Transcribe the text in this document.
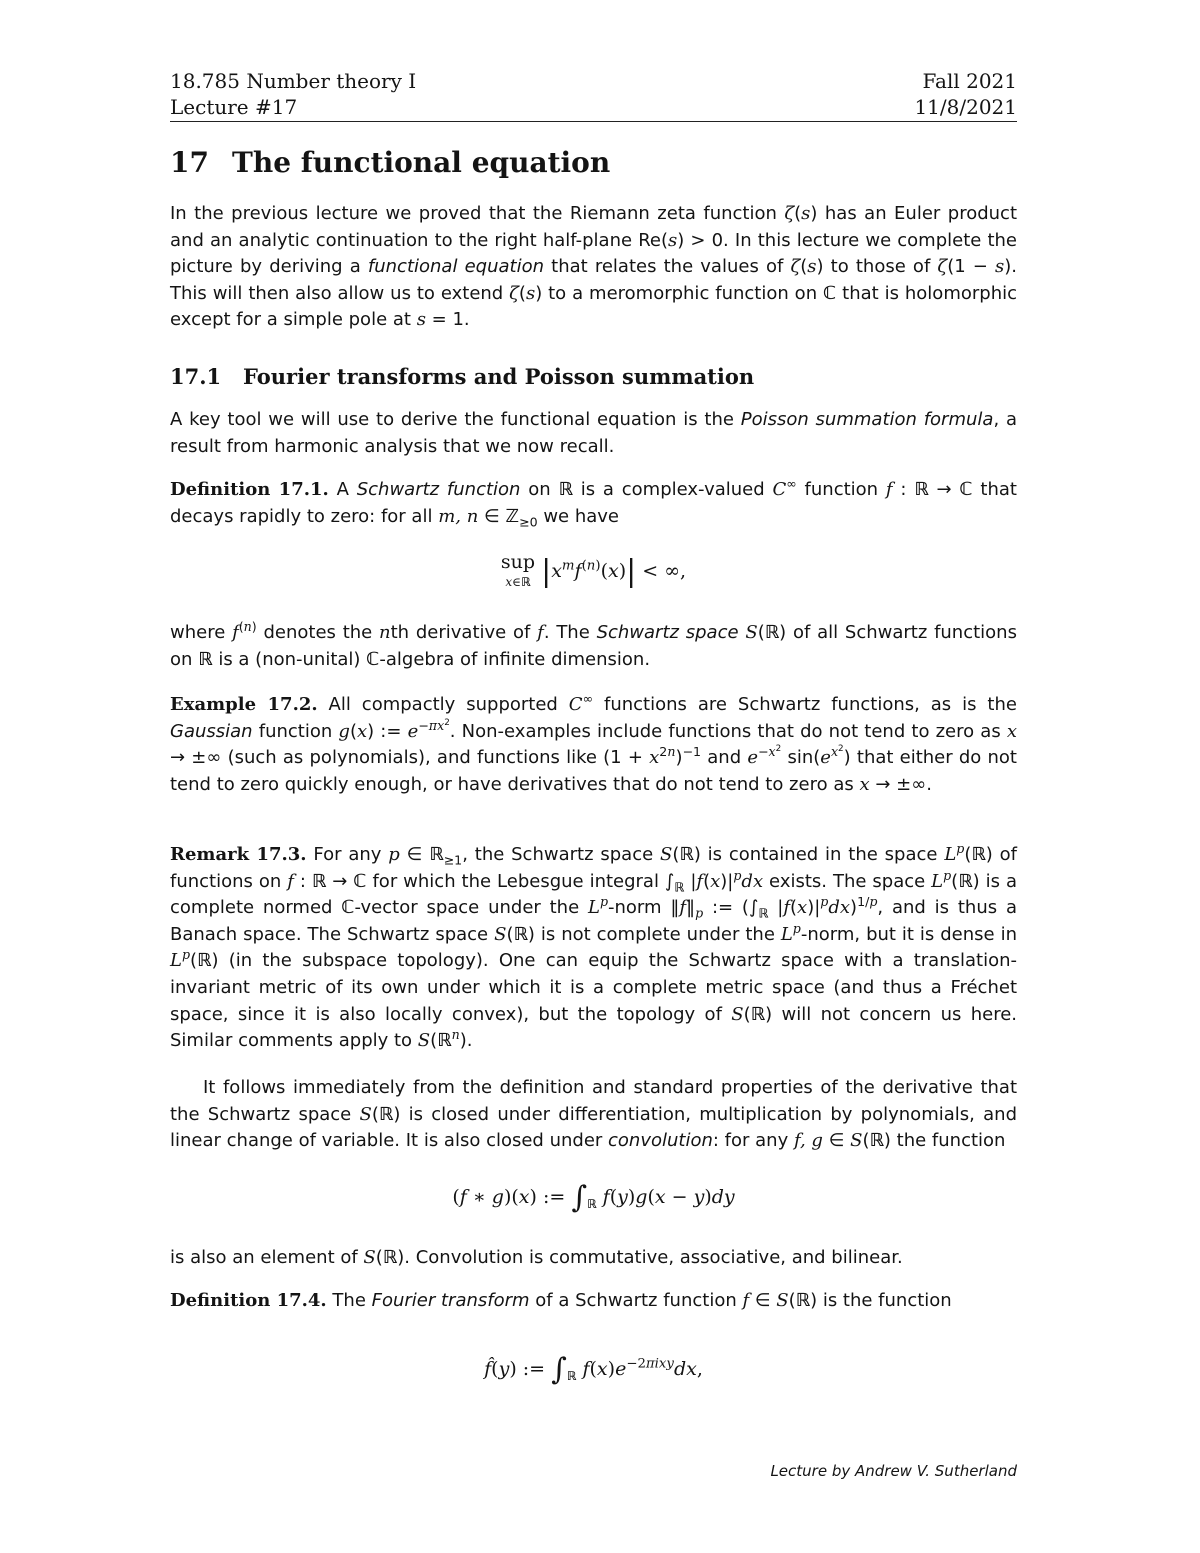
18.785 Number theory I
Lecture #17
Fall 2021
11/8/2021
17 The functional equation

In the previous lecture we proved that the Riemann zeta function ζ(s) has an Euler product and an analytic continuation to the right half-plane Re(s) > 0. In this lecture we complete the picture by deriving a functional equation that relates the values of ζ(s) to those of ζ(1 − s). This will then also allow us to extend ζ(s) to a meromorphic function on ℂ that is holomorphic except for a simple pole at s = 1.

17.1 Fourier transforms and Poisson summation

A key tool we will use to derive the functional equation is the Poisson summation formula, a result from harmonic analysis that we now recall.

Definition 17.1. A Schwartz function on ℝ is a complex-valued C∞ function f : ℝ → ℂ that decays rapidly to zero: for all m, n ∈ ℤ$_{\ge 0}$ we have

sup
x∈ℝ $|x^mf^{(n)}(x)|$ < ∞,

where $f^{(n)}$ denotes the nth derivative of f. The Schwartz space S(ℝ) of all Schwartz functions on ℝ is a (non-unital) ℂ-algebra of infinite dimension.

Example 17.2. All compactly supported C∞ functions are Schwartz functions, as is the Gaussian function g(x) := $e^{-\pi x^2}$. Non-examples include functions that do not tend to zero as x → ±∞ (such as polynomials), and functions like $(1 + x^{2n})^{-1}$ and $e^{-x^2}$ $\sin(e^{x^2})$ that either do not tend to zero quickly enough, or have derivatives that do not tend to zero as x → ±∞.

Remark 17.3. For any p ∈ ℝ$_{\ge 1}$, the Schwartz space S(ℝ) is contained in the space $L^p(ℝ)$ of functions on f : ℝ → ℂ for which the Lebesgue integral $\int_ℝ$ $|f(x)|^pdx$ exists. The space $L^p(ℝ)$ is a complete normed ℂ-vector space under the $L^p$-norm $‖f‖_p$ := ($\int_ℝ$ $|f(x)|^pdx)^{1/p}$, and is thus a Banach space. The Schwartz space S(ℝ) is not complete under the $L^p$-norm, but it is dense in $L^p(ℝ)$ (in the subspace topology). One can equip the Schwartz space with a translation-invariant metric of its own under which it is a complete metric space (and thus a Fréchet space, since it is also locally convex), but the topology of S(ℝ) will not concern us here. Similar comments apply to S(ℝ$^n$).

It follows immediately from the definition and standard properties of the derivative that the Schwartz space S(ℝ) is closed under differentiation, multiplication by polynomials, and linear change of variable. It is also closed under convolution: for any f, g ∈ S(ℝ) the function

(f ∗ g)(x) := $\int_ℝ$ f(y)g(x − y)dy

is also an element of S(ℝ). Convolution is commutative, associative, and bilinear.

Definition 17.4. The Fourier transform of a Schwartz function f ∈ S(ℝ) is the function

f̂(y) := $\int_ℝ$ $f(x)e^{-2\pi ixy}dx$,
Lecture by Andrew V. Sutherland
